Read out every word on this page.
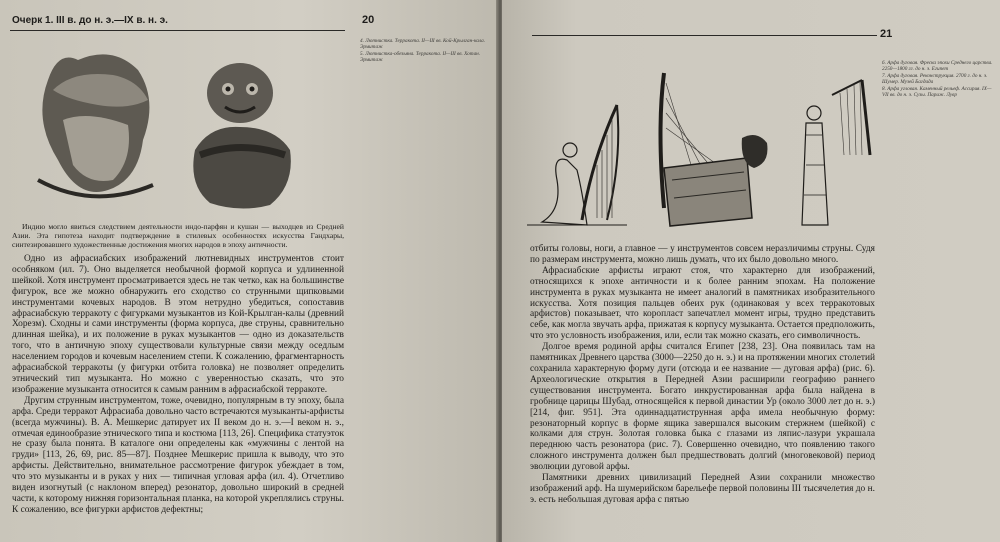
Очерк 1. III в. до н. э.—IX в. н. э.	20
4. Лютнистка. Терракота. II—III вв. Кой-Крылган-кала. Эрмитаж
5. Лютнистка-обезьяна. Терракота. II—III вв. Хотан. Эрмитаж
Индию могло явиться следствием деятельности индо-парфян и кушан — выходцев из Средней Азии. Эта гипотеза находит подтверждение в стилевых особенностях искусства Гандхары, синтезировавшего художественные достижения многих народов в эпоху античности.

Одно из афрасиабских изображений лютневидных инструментов стоит особняком (ил. 7). Оно выделяется необычной формой корпуса и удлиненной шейкой. Хотя инструмент просматривается здесь не так четко, как на большинстве фигурок, все же можно обнаружить его сходство со струнными щипковыми инструментами кочевых народов. В этом нетрудно убедиться, сопоставив афрасиабскую терракоту с фигурками музыкантов из Кой-Крылган-калы (древний Хорезм). Сходны и сами инструменты (форма корпуса, две струны, сравнительно длинная шейка), и их положение в руках музыкантов — одно из доказательств того, что в античную эпоху существовали культурные связи между оседлым населением городов и кочевым населением степи. К сожалению, фрагментарность афрасиабской терракоты (у фигурки отбита головка) не позволяет определить этнический тип музыканта. Но можно с уверенностью сказать, что это изображение музыканта относится к самым ранним в афрасиабской терракоте.

Другим струнным инструментом, тоже, очевидно, популярным в ту эпоху, была арфа. Среди терракот Афрасиаба довольно часто встречаются музыканты-арфисты (всегда мужчины). В. А. Мешкерис датирует их II веком до н. э.—I веком н. э., отмечая единообразие этнического типа и костюма [113, 26]. Специфика статуэток не сразу была понята. В каталоге они определены как «мужчины с лентой на груди» [113, 26, 69, рис. 85—87]. Позднее Мешкерис пришла к выводу, что это арфисты. Действительно, внимательное рассмотрение фигурок убеждает в том, что это музыканты и в руках у них — типичная угловая арфа (ил. 4). Отчетливо виден изогнутый (с наклоном вперед) резонатор, довольно широкий в средней части, к которому нижняя горизонтальная планка, на которой укреплялись струны. К сожалению, все фигурки арфистов дефектны;

21
6. Арфа дуговая. Фреска эпохи Среднего царства. 2250—1800 гг. до н. э. Египет
7. Арфа дуговая. Реконструкция. 2700 г. до н. э. Шумер. Музей Багдада
8. Арфа угловая. Каменный рельеф. Ассирия. IX—VII вв. до н. э. Сузы. Париж. Лувр

отбиты головы, ноги, а главное — у инструментов совсем неразличимы струны. Судя по размерам инструмента, можно лишь думать, что их было довольно много.

Афрасиабские арфисты играют стоя, что характерно для изображений, относящихся к эпохе античности и к более ранним эпохам. На положение инструмента в руках музыканта не имеет аналогий в памятниках изобразительного искусства. Хотя позиция пальцев обеих рук (одинаковая у всех терракотовых арфистов) показывает, что коропласт запечатлел момент игры, трудно представить себе, как могла звучать арфа, прижатая к корпусу музыканта. Остается предположить, что это условность изображения, или, если так можно сказать, его символичность.

Долгое время родиной арфы считался Египет [238, 23]. Она появилась там на памятниках Древнего царства (3000—2250 до н. э.) и на протяжении многих столетий сохранила характерную форму дуги (отсюда и ее название — дуговая арфа) (рис. 6). Археологические открытия в Передней Азии расширили географию раннего существования инструмента. Богато инкрустированная арфа была найдена в гробнице царицы Шубад, относящейся к первой династии Ур (около 3000 лет до н. э.) [214, фиг. 951]. Эта одиннадцатиструнная арфа имела необычную форму: резонаторный корпус в форме ящика завершался высоким стержнем (шейкой) с колками для струн. Золотая головка быка с глазами из ляпис-лазури украшала переднюю часть резонатора (рис. 7). Совершенно очевидно, что появлению такого сложного инструмента должен был предшествовать долгий (многовековой) период эволюции дуговой арфы.

Памятники древних цивилизаций Передней Азии сохранили множество изображений арф. На шумерийском барельефе первой половины III тысячелетия до н. э. есть небольшая дуговая арфа с пятью
